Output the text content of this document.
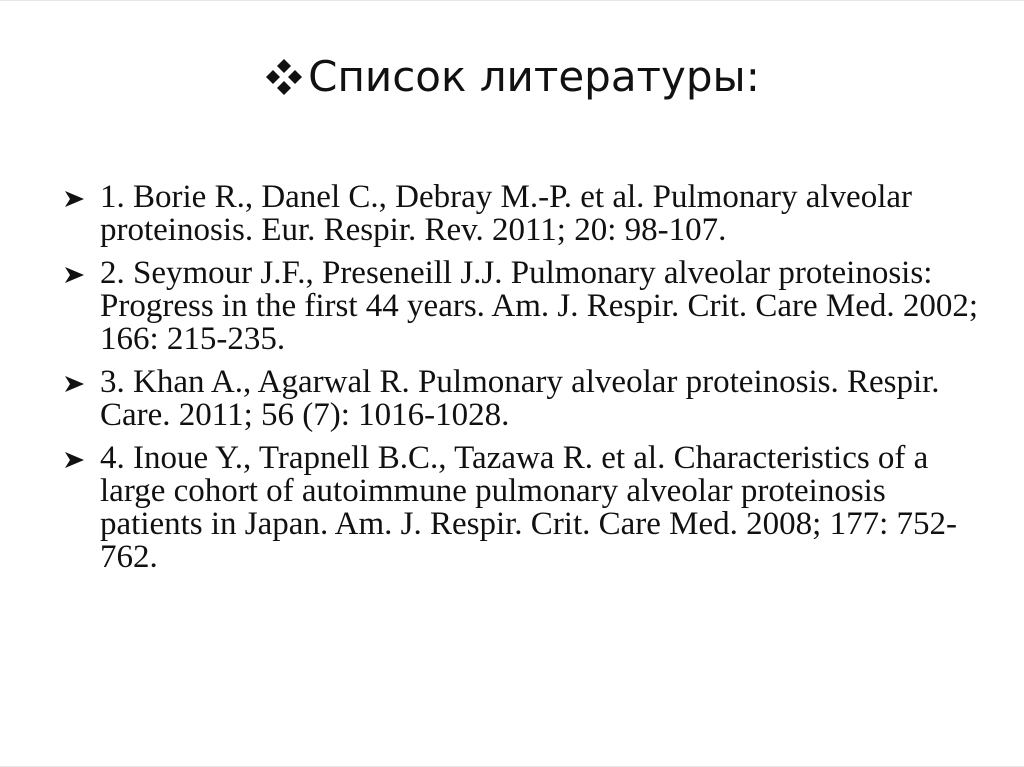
Список литературы:
1. Borie R., Danel C., Debray M.-P. et al. Pulmonary alveolar proteinosis. Eur. Respir. Rev. 2011; 20: 98-107.
2. Seymour J.F., Preseneill J.J. Pulmonary alveolar proteinosis: Progress in the first 44 years. Am. J. Respir. Crit. Care Med. 2002; 166: 215-235.
3. Khan A., Agarwal R. Pulmonary alveolar proteinosis. Respir. Care. 2011; 56 (7): 1016-1028.
4. Inoue Y., Trapnell B.C., Tazawa R. et al. Characteristics of a large cohort of autoimmune pulmonary alveolar proteinosis patients in Japan. Am. J. Respir. Crit. Care Med. 2008; 177: 752-762.
